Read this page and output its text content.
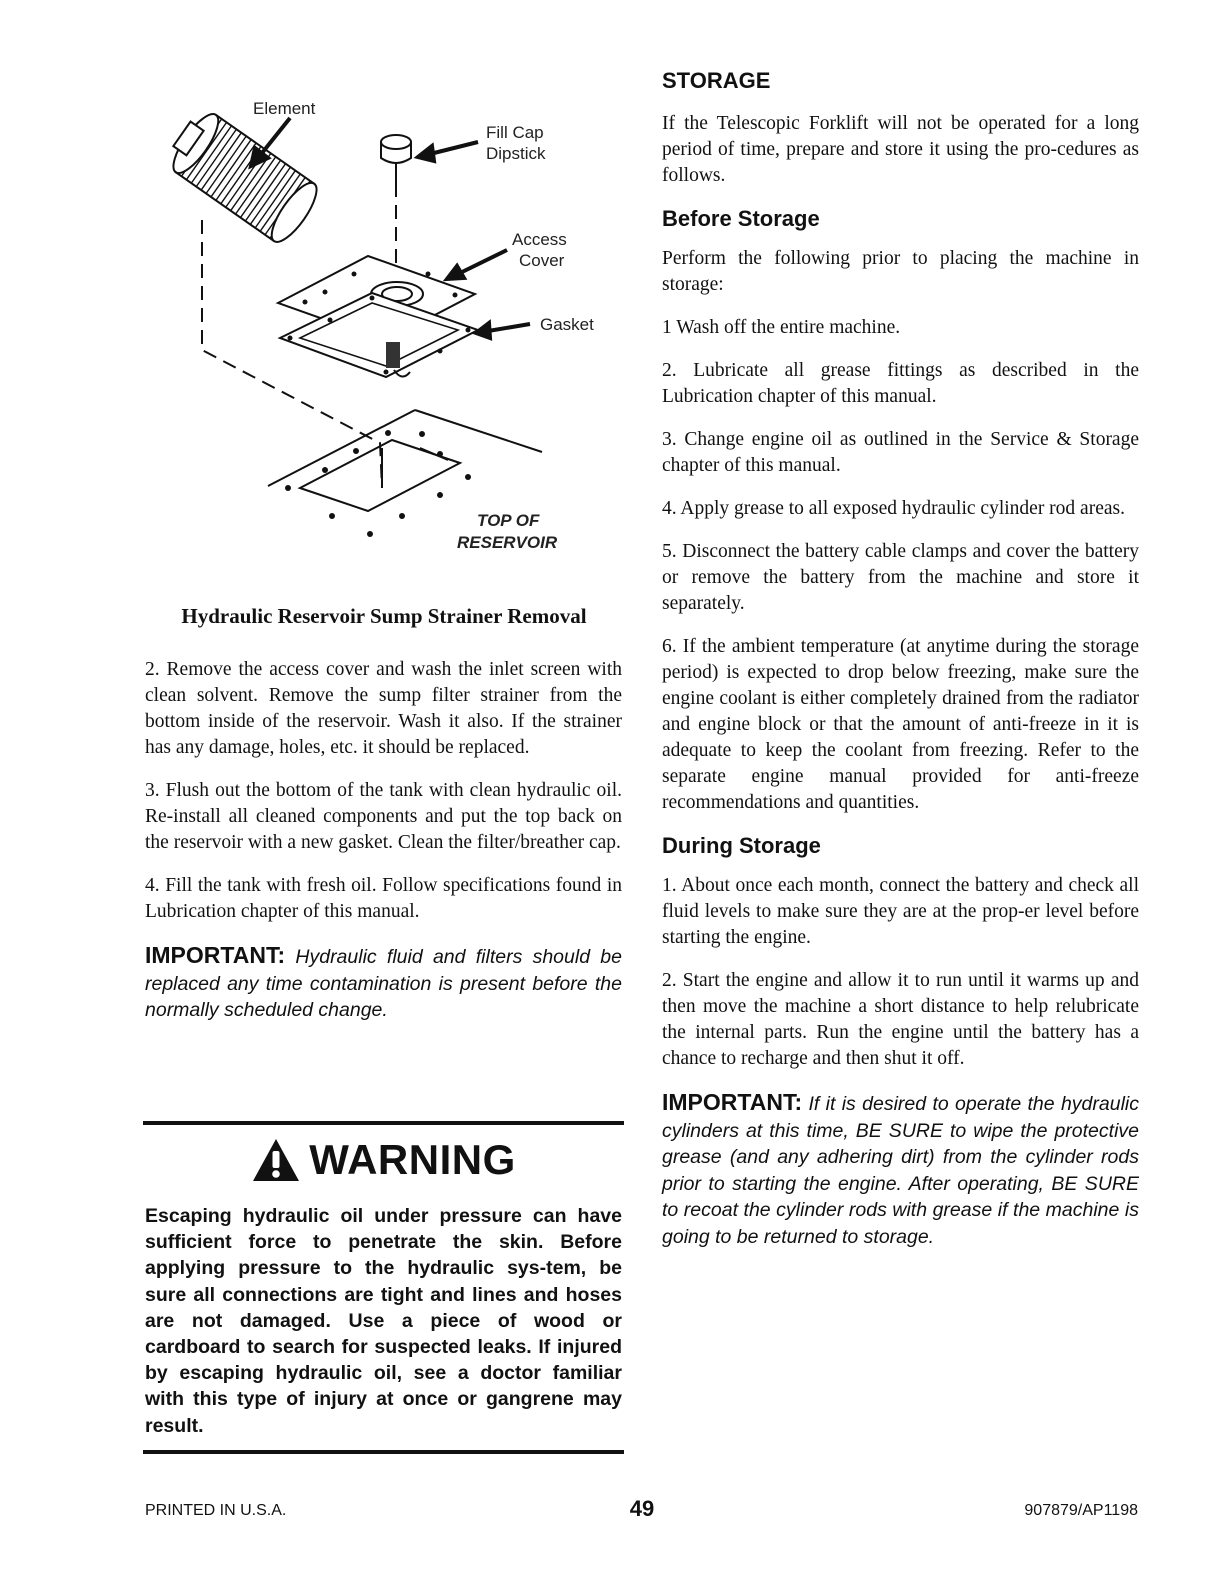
Element
Fill Cap
Dipstick
Access
Cover
Gasket
TOP OF
RESERVOIR
Hydraulic Reservoir Sump Strainer Removal

2. Remove the access cover and wash the inlet screen with clean solvent. Remove the sump filter strainer from the bottom inside of the reservoir. Wash it also. If the strainer has any damage, holes, etc. it should be replaced.

3. Flush out the bottom of the tank with clean hydraulic oil. Re-install all cleaned components and put the top back on the reservoir with a new gasket. Clean the filter/breather cap.

4. Fill the tank with fresh oil. Follow specifications found in Lubrication chapter of this manual.

IMPORTANT: Hydraulic fluid and filters should be replaced any time contamination is present before the normally scheduled change.

WARNING

Escaping hydraulic oil under pressure can have sufficient force to penetrate the skin. Before applying pressure to the hydraulic sys-tem, be sure all connections are tight and lines and hoses are not damaged. Use a piece of wood or cardboard to search for suspected leaks. If injured by escaping hydraulic oil, see a doctor familiar with this type of injury at once or gangrene may result.

STORAGE

If the Telescopic Forklift will not be operated for a long period of time, prepare and store it using the pro-cedures as follows.

Before Storage

Perform the following prior to placing the machine in storage:

1 Wash off the entire machine.

2. Lubricate all grease fittings as described in the Lubrication chapter of this manual.

3. Change engine oil as outlined in the Service & Storage chapter of this manual.

4. Apply grease to all exposed hydraulic cylinder rod areas.

5. Disconnect the battery cable clamps and cover the battery or remove the battery from the machine and store it separately.

6. If the ambient temperature (at anytime during the storage period) is expected to drop below freezing, make sure the engine coolant is either completely drained from the radiator and engine block or that the amount of anti-freeze in it is adequate to keep the coolant from freezing. Refer to the separate engine manual provided for anti-freeze recommendations and quantities.

During Storage

1. About once each month, connect the battery and check all fluid levels to make sure they are at the prop-er level before starting the engine.

2. Start the engine and allow it to run until it warms up and then move the machine a short distance to help relubricate the internal parts. Run the engine until the battery has a chance to recharge and then shut it off.

IMPORTANT: If it is desired to operate the hydraulic cylinders at this time, BE SURE to wipe the protective grease (and any adhering dirt) from the cylinder rods prior to starting the engine. After operating, BE SURE to recoat the cylinder rods with grease if the machine is going to be returned to storage.

PRINTED IN U.S.A.	49	907879/AP1198
